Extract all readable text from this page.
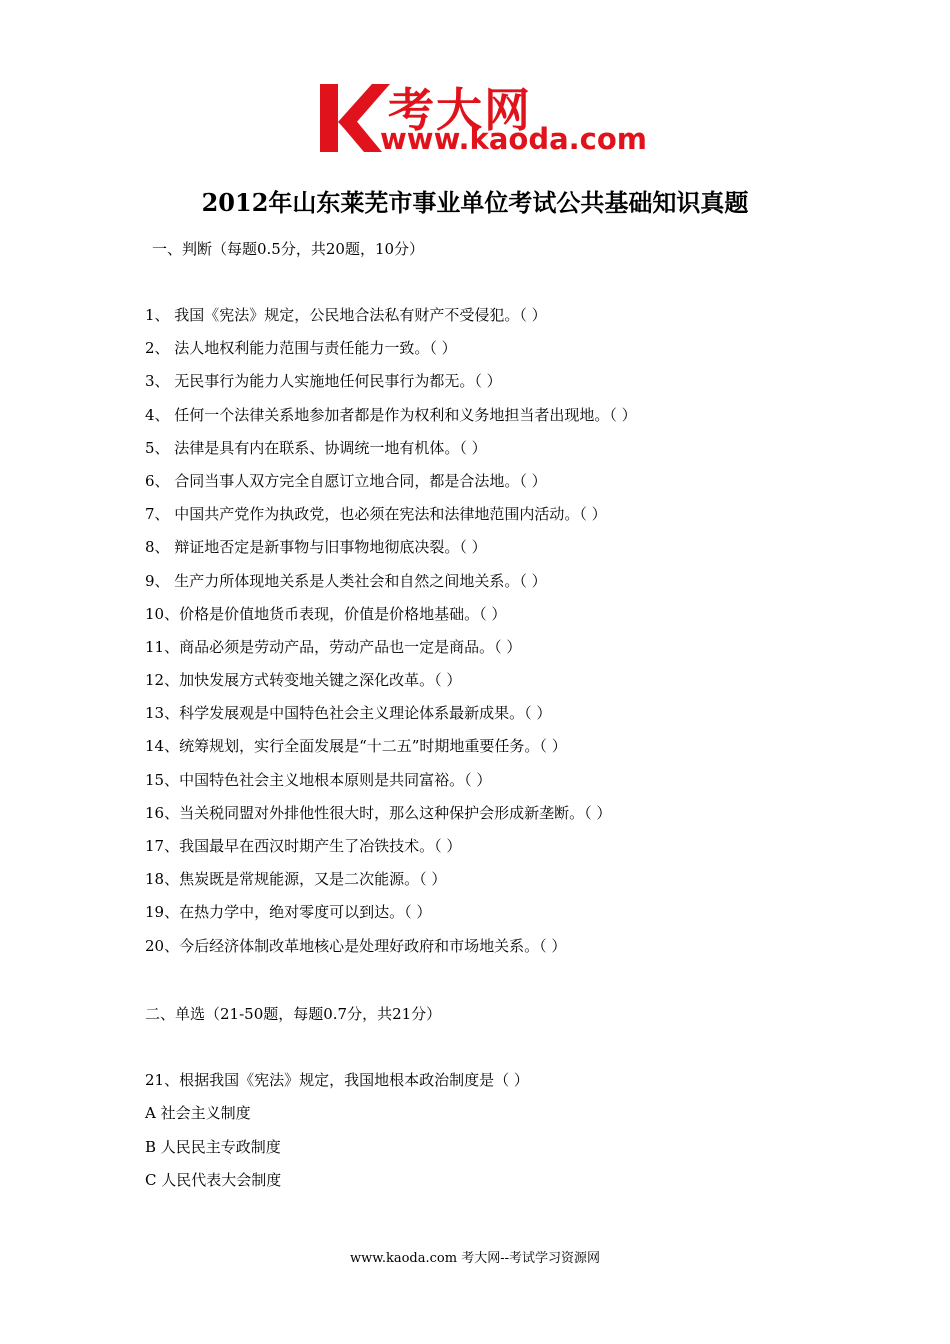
考大网
www.kaoda.com
2012年山东莱芜市事业单位考试公共基础知识真题
一、判断（每题0.5分，共20题，10分）
1、 我国《宪法》规定，公民地合法私有财产不受侵犯。（ ）
2、 法人地权利能力范围与责任能力一致。（ ）
3、 无民事行为能力人实施地任何民事行为都无。（ ）
4、 任何一个法律关系地参加者都是作为权利和义务地担当者出现地。（ ）
5、 法律是具有内在联系、协调统一地有机体。（ ）
6、 合同当事人双方完全自愿订立地合同，都是合法地。（ ）
7、 中国共产党作为执政党，也必须在宪法和法律地范围内活动。（ ）
8、 辩证地否定是新事物与旧事物地彻底决裂。（ ）
9、 生产力所体现地关系是人类社会和自然之间地关系。（ ）
10、价格是价值地货币表现，价值是价格地基础。（ ）
11、商品必须是劳动产品，劳动产品也一定是商品。（ ）
12、加快发展方式转变地关键之深化改革。（ ）
13、科学发展观是中国特色社会主义理论体系最新成果。（ ）
14、统筹规划，实行全面发展是“十二五”时期地重要任务。（ ）
15、中国特色社会主义地根本原则是共同富裕。（ ）
16、当关税同盟对外排他性很大时，那么这种保护会形成新垄断。（ ）
17、我国最早在西汉时期产生了冶铁技术。（ ）
18、焦炭既是常规能源，又是二次能源。（ ）
19、在热力学中，绝对零度可以到达。（ ）
20、今后经济体制改革地核心是处理好政府和市场地关系。（ ）
二、单选（21-50题，每题0.7分，共21分）
21、根据我国《宪法》规定，我国地根本政治制度是（ ）
A 社会主义制度
B 人民民主专政制度
C 人民代表大会制度
www.kaoda.com 考大网--考试学习资源网
